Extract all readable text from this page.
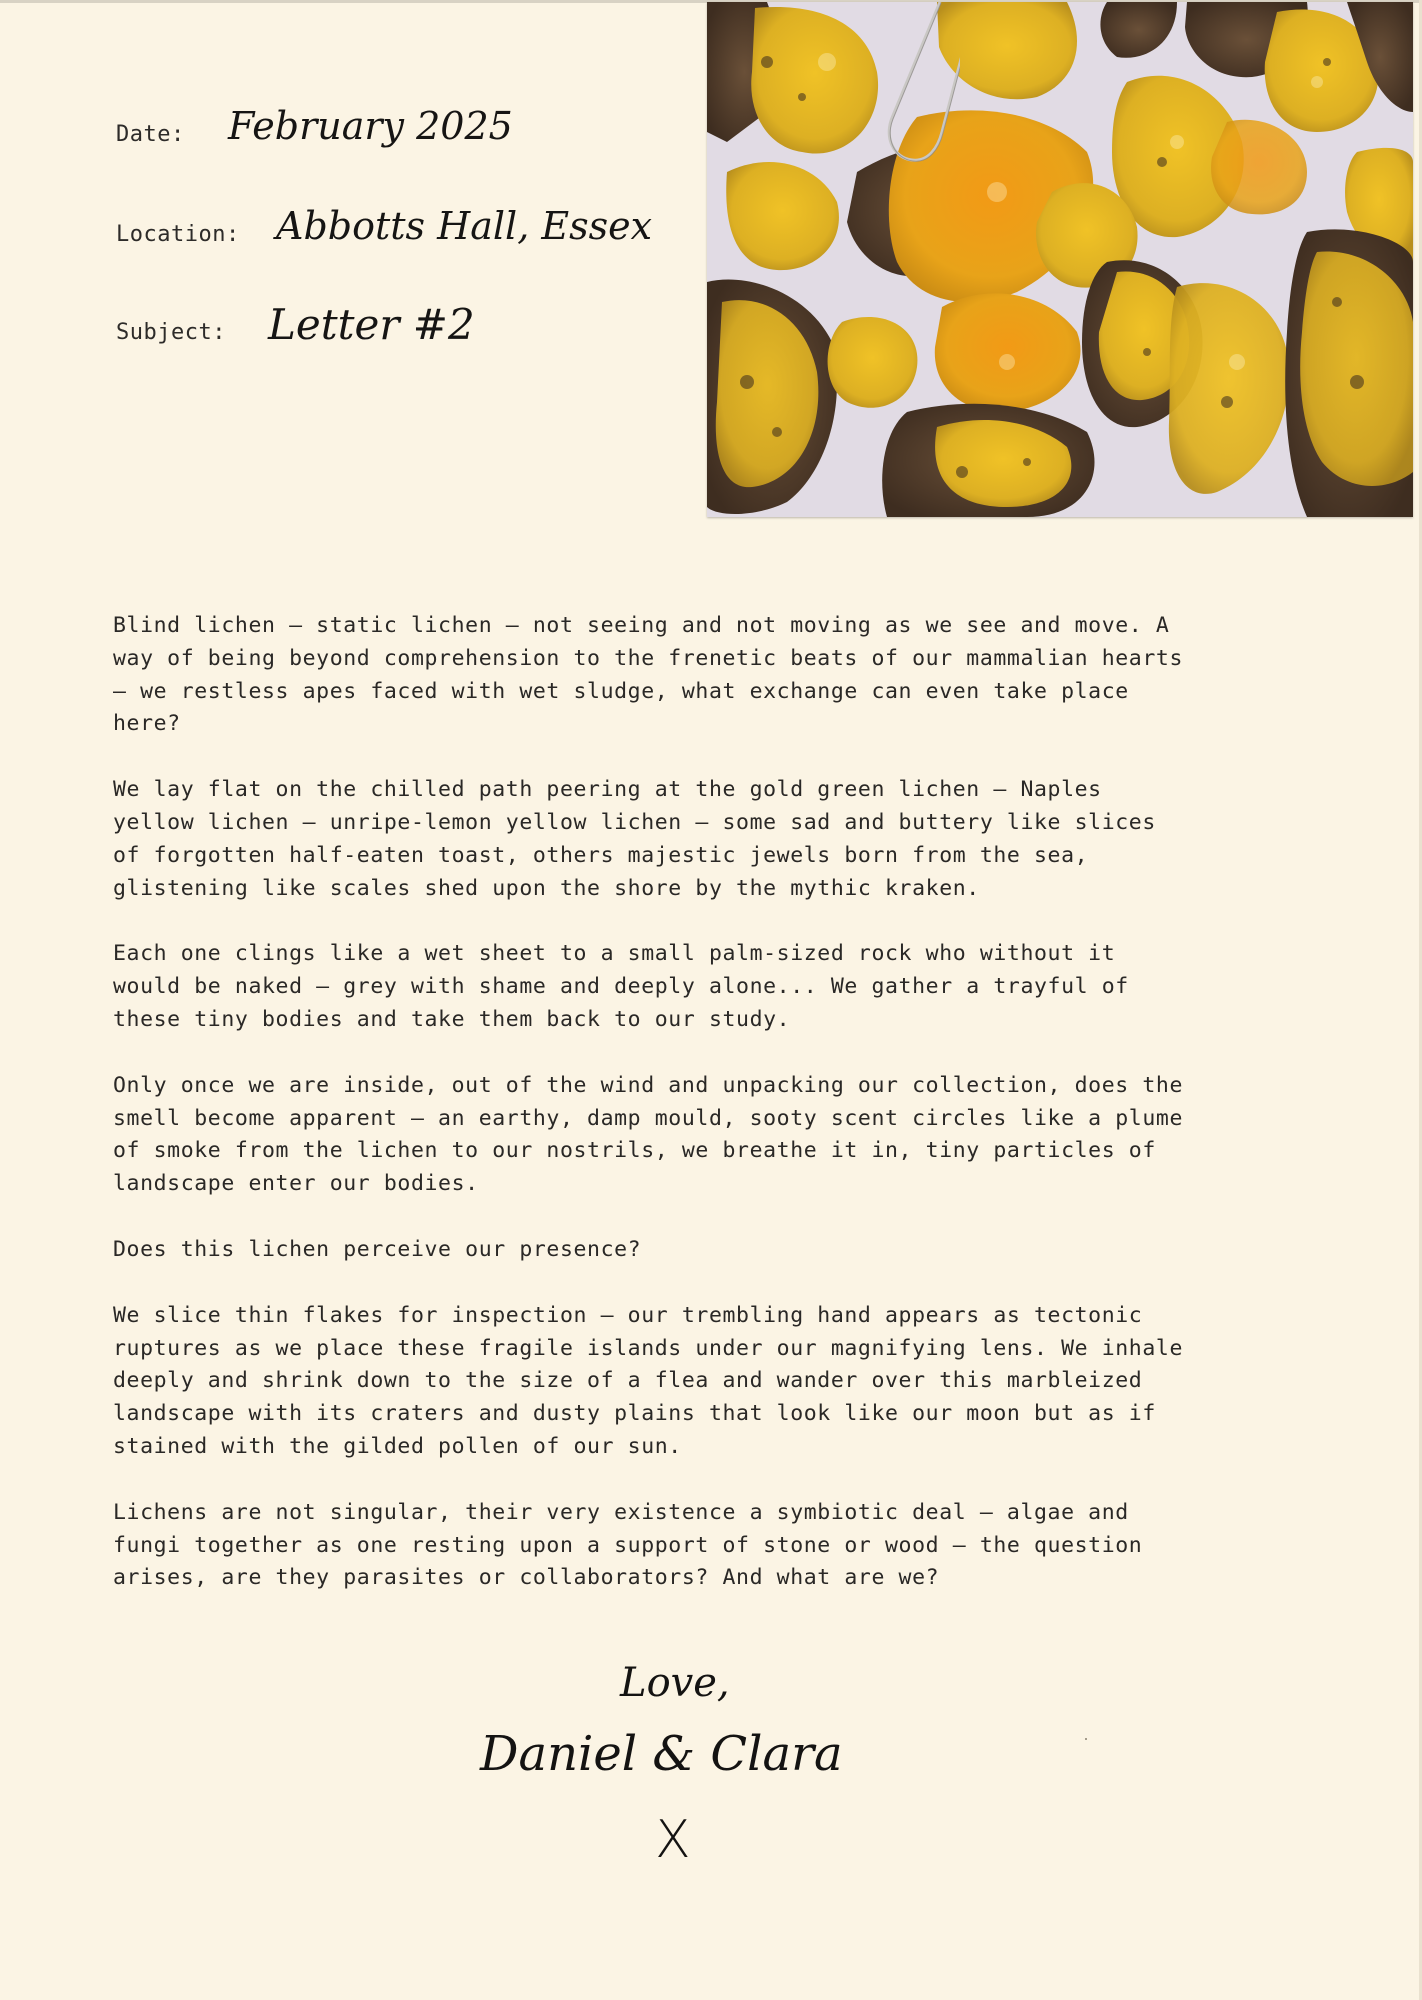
Date: February 2025
Location: Abbotts Hall, Essex
Subject: Letter #2

Blind lichen — static lichen — not seeing and not moving as we see and move. A
way of being beyond comprehension to the frenetic beats of our mammalian hearts
— we restless apes faced with wet sludge, what exchange can even take place
here?

We lay flat on the chilled path peering at the gold green lichen — Naples
yellow lichen — unripe-lemon yellow lichen — some sad and buttery like slices
of forgotten half-eaten toast, others majestic jewels born from the sea,
glistening like scales shed upon the shore by the mythic kraken.

Each one clings like a wet sheet to a small palm-sized rock who without it
would be naked — grey with shame and deeply alone... We gather a trayful of
these tiny bodies and take them back to our study.

Only once we are inside, out of the wind and unpacking our collection, does the
smell become apparent — an earthy, damp mould, sooty scent circles like a plume
of smoke from the lichen to our nostrils, we breathe it in, tiny particles of
landscape enter our bodies.

Does this lichen perceive our presence?

We slice thin flakes for inspection — our trembling hand appears as tectonic
ruptures as we place these fragile islands under our magnifying lens. We inhale
deeply and shrink down to the size of a flea and wander over this marbleized
landscape with its craters and dusty plains that look like our moon but as if
stained with the gilded pollen of our sun.

Lichens are not singular, their very existence a symbiotic deal — algae and
fungi together as one resting upon a support of stone or wood — the question
arises, are they parasites or collaborators? And what are we?

Love,
Daniel & Clara
X
